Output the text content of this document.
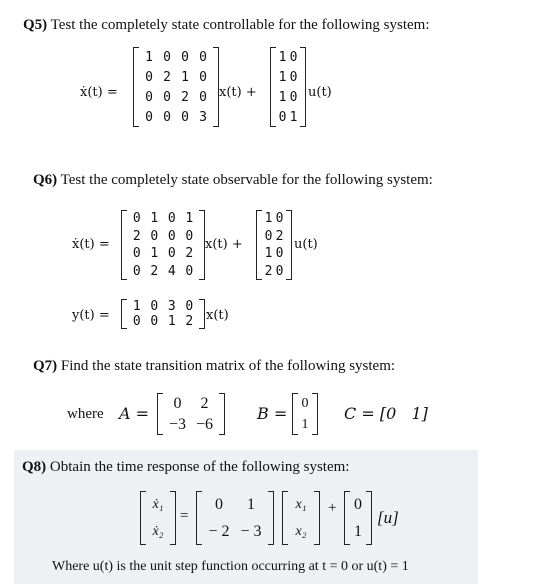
Q5) Test the completely state controllable for the following system:
ẋ(t) =
1 0 0 0
0 2 1 0
0 0 2 0
0 0 0 3
x(t) +
1 0
1 0
1 0
0 1
u(t)
Q6) Test the completely state observable for the following system:
ẋ(t) =
0 1 0 1
2 0 0 0
0 1 0 2
0 2 4 0
x(t) +
1 0
0 2
1 0
2 0
u(t)
y(t) =
1 0 3 0
0 0 1 2 x(t)
Q7) Find the state transition matrix of the following system:
where A =
0 2
−3 −6
B =
0
1
C = [0   1]
Q8) Obtain the time response of the following system:
ẋ₁
ẋ₂
=
0 1
− 2 − 3
x₁
x₂
+ 0
1
[u]
Where u(t) is the unit step function occurring at t = 0 or u(t) = 1
